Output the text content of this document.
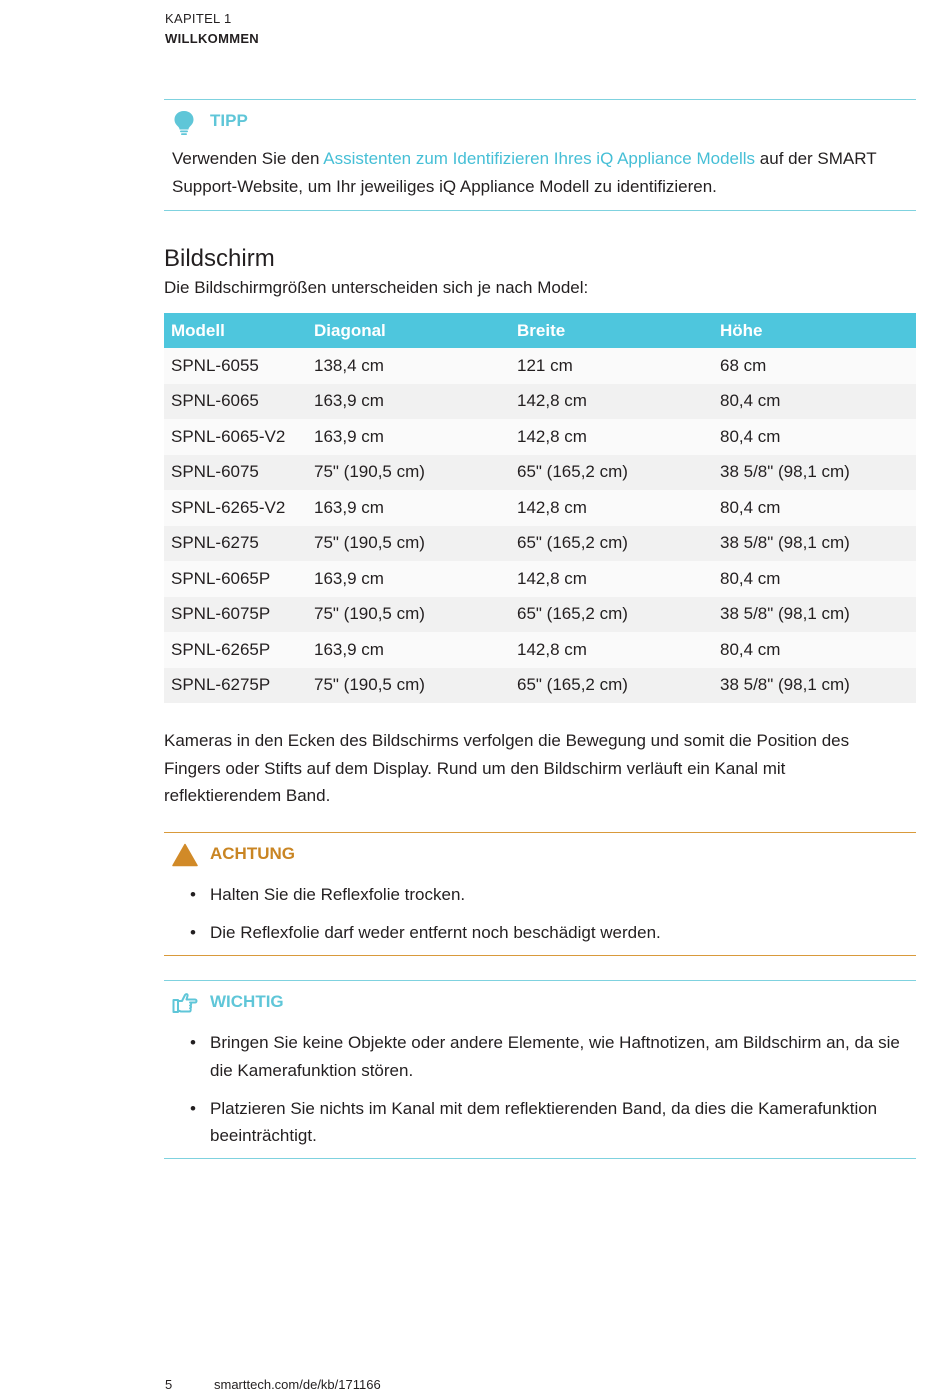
KAPITEL 1
WILLKOMMEN
TIPP
Verwenden Sie den Assistenten zum Identifizieren Ihres iQ Appliance Modells auf der SMART Support-Website, um Ihr jeweiliges iQ Appliance Modell zu identifizieren.
Bildschirm
Die Bildschirmgrößen unterscheiden sich je nach Model:
Modell	Diagonal	Breite	Höhe
SPNL-6055	138,4 cm	121 cm	68 cm
SPNL-6065	163,9 cm	142,8 cm	80,4 cm
SPNL-6065-V2	163,9 cm	142,8 cm	80,4 cm
SPNL-6075	75" (190,5 cm)	65" (165,2 cm)	38 5/8" (98,1 cm)
SPNL-6265-V2	163,9 cm	142,8 cm	80,4 cm
SPNL-6275	75" (190,5 cm)	65" (165,2 cm)	38 5/8" (98,1 cm)
SPNL-6065P	163,9 cm	142,8 cm	80,4 cm
SPNL-6075P	75" (190,5 cm)	65" (165,2 cm)	38 5/8" (98,1 cm)
SPNL-6265P	163,9 cm	142,8 cm	80,4 cm
SPNL-6275P	75" (190,5 cm)	65" (165,2 cm)	38 5/8" (98,1 cm)
Kameras in den Ecken des Bildschirms verfolgen die Bewegung und somit die Position des Fingers oder Stifts auf dem Display. Rund um den Bildschirm verläuft ein Kanal mit reflektierendem Band.
ACHTUNG
• Halten Sie die Reflexfolie trocken.
• Die Reflexfolie darf weder entfernt noch beschädigt werden.
WICHTIG
• Bringen Sie keine Objekte oder andere Elemente, wie Haftnotizen, am Bildschirm an, da sie die Kamerafunktion stören.
• Platzieren Sie nichts im Kanal mit dem reflektierenden Band, da dies die Kamerafunktion beeinträchtigt.
5	smarttech.com/de/kb/171166
